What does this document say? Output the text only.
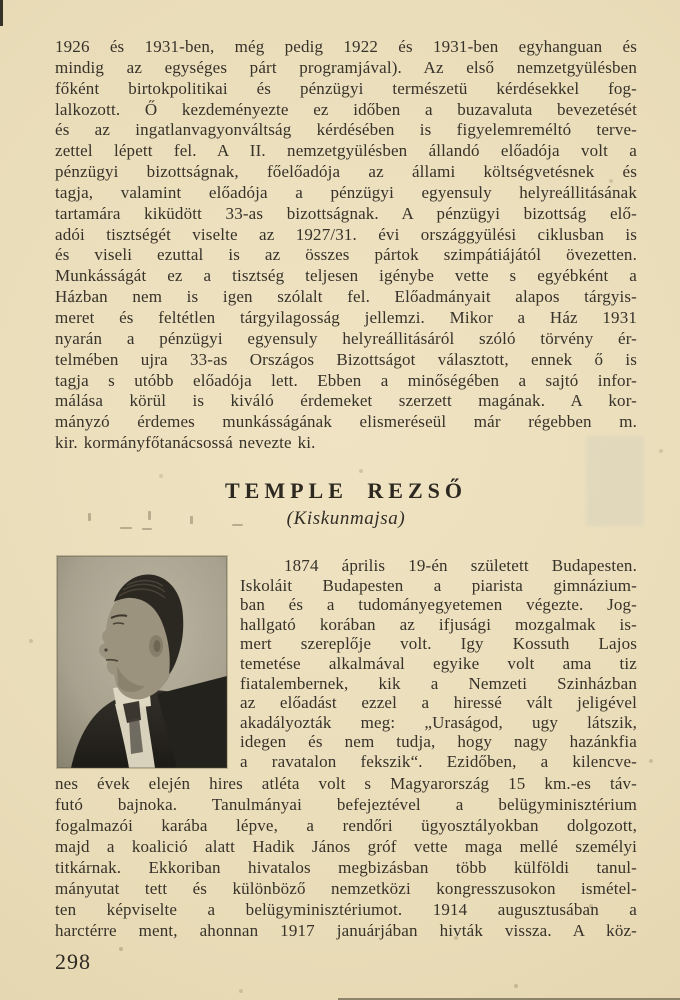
1926 és 1931-ben, még pedig 1922 és 1931-ben egyhanguan és
mindig az egységes párt programjával). Az első nemzetgyülésben
főként birtokpolitikai és pénzügyi természetü kérdésekkel fog-
lalkozott. Ő kezdeményezte ez időben a buzavaluta bevezetését
és az ingatlanvagyonváltság kérdésében is figyelemreméltó terve-
zettel lépett fel. A II. nemzetgyülésben állandó előadója volt a
pénzügyi bizottságnak, főelőadója az állami költségvetésnek és
tagja, valamint előadója a pénzügyi egyensuly helyreállitásának
tartamára kiküdött 33-as bizottságnak. A pénzügyi bizottság elő-
adói tisztségét viselte az 1927/31. évi országgyülési ciklusban is
és viseli ezuttal is az összes pártok szimpátiájától övezetten.
Munkásságát ez a tisztség teljesen igénybe vette s egyébként a
Házban nem is igen szólalt fel. Előadmányait alapos tárgyis-
meret és feltétlen tárgyilagosság jellemzi. Mikor a Ház 1931
nyarán a pénzügyi egyensuly helyreállitásáról szóló törvény ér-
telmében ujra 33-as Országos Bizottságot választott, ennek ő is
tagja s utóbb előadója lett. Ebben a minőségében a sajtó infor-
málása körül is kiváló érdemeket szerzett magának. A kor-
mányzó érdemes munkásságának elismeréseül már régebben m.
kir. kormányfőtanácsossá nevezte ki.
TEMPLE REZSŐ
(Kiskunmajsa)
1874 április 19-én született Budapesten.
Iskoláit Budapesten a piarista gimnázium-
ban és a tudományegyetemen végezte. Jog-
hallgató korában az ifjusági mozgalmak is-
mert szereplője volt. Igy Kossuth Lajos
temetése alkalmával egyike volt ama tiz
fiatalembernek, kik a Nemzeti Szinházban
az előadást ezzel a hiressé vált jeligével
akadályozták meg: „Uraságod, ugy látszik,
idegen és nem tudja, hogy nagy hazánkfia
a ravatalon fekszik“. Ezidőben, a kilencve-
nes évek elején hires atléta volt s Magyarország 15 km.-es táv-
futó bajnoka. Tanulmányai befejeztével a belügyminisztérium
fogalmazói karába lépve, a rendőri ügyosztályokban dolgozott,
majd a koalició alatt Hadik János gróf vette maga mellé személyi
titkárnak. Ekkoriban hivatalos megbizásban több külföldi tanul-
mányutat tett és különböző nemzetközi kongresszusokon ismétel-
ten képviselte a belügyminisztériumot. 1914 augusztusában a
harctérre ment, ahonnan 1917 januárjában hivták vissza. A köz-
298
